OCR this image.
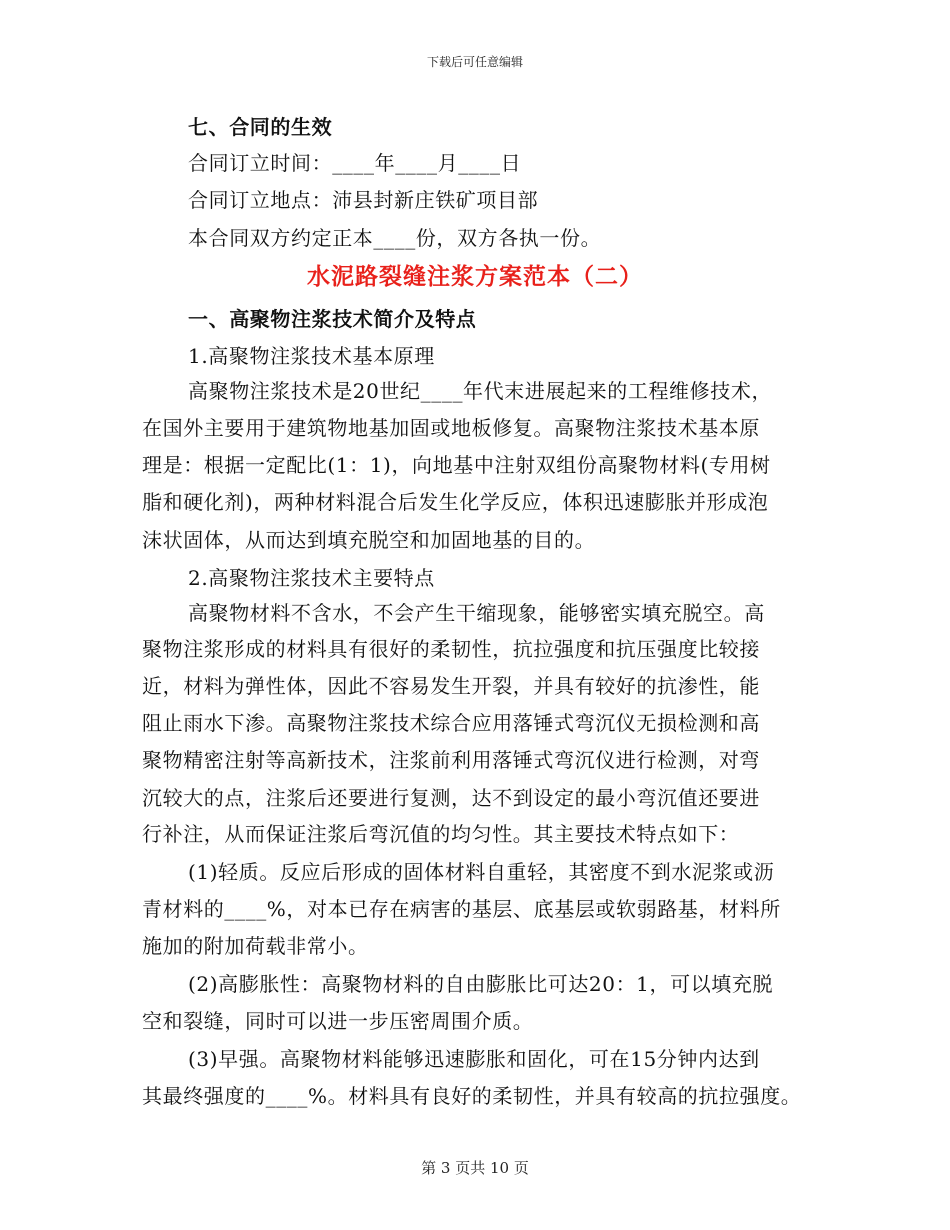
下载后可任意编辑
七、合同的生效
合同订立时间：____年____月____日
合同订立地点：沛县封新庄铁矿项目部
本合同双方约定正本____份，双方各执一份。
水泥路裂缝注浆方案范本（二）
一、高聚物注浆技术简介及特点
1.高聚物注浆技术基本原理
高聚物注浆技术是20世纪____年代末进展起来的工程维修技术，
在国外主要用于建筑物地基加固或地板修复。高聚物注浆技术基本原
理是：根据一定配比(1：1)，向地基中注射双组份高聚物材料(专用树
脂和硬化剂)，两种材料混合后发生化学反应，体积迅速膨胀并形成泡
沫状固体，从而达到填充脱空和加固地基的目的。
2.高聚物注浆技术主要特点
高聚物材料不含水，不会产生干缩现象，能够密实填充脱空。高
聚物注浆形成的材料具有很好的柔韧性，抗拉强度和抗压强度比较接
近，材料为弹性体，因此不容易发生开裂，并具有较好的抗渗性，能
阻止雨水下渗。高聚物注浆技术综合应用落锤式弯沉仪无损检测和高
聚物精密注射等高新技术，注浆前利用落锤式弯沉仪进行检测，对弯
沉较大的点，注浆后还要进行复测，达不到设定的最小弯沉值还要进
行补注，从而保证注浆后弯沉值的均匀性。其主要技术特点如下：
(1)轻质。反应后形成的固体材料自重轻，其密度不到水泥浆或沥
青材料的____%，对本已存在病害的基层、底基层或软弱路基，材料所
施加的附加荷载非常小。
(2)高膨胀性：高聚物材料的自由膨胀比可达20：1，可以填充脱
空和裂缝，同时可以进一步压密周围介质。
(3)早强。高聚物材料能够迅速膨胀和固化，可在15分钟内达到
其最终强度的____%。材料具有良好的柔韧性，并具有较高的抗拉强度。
第 3 页共 10 页
